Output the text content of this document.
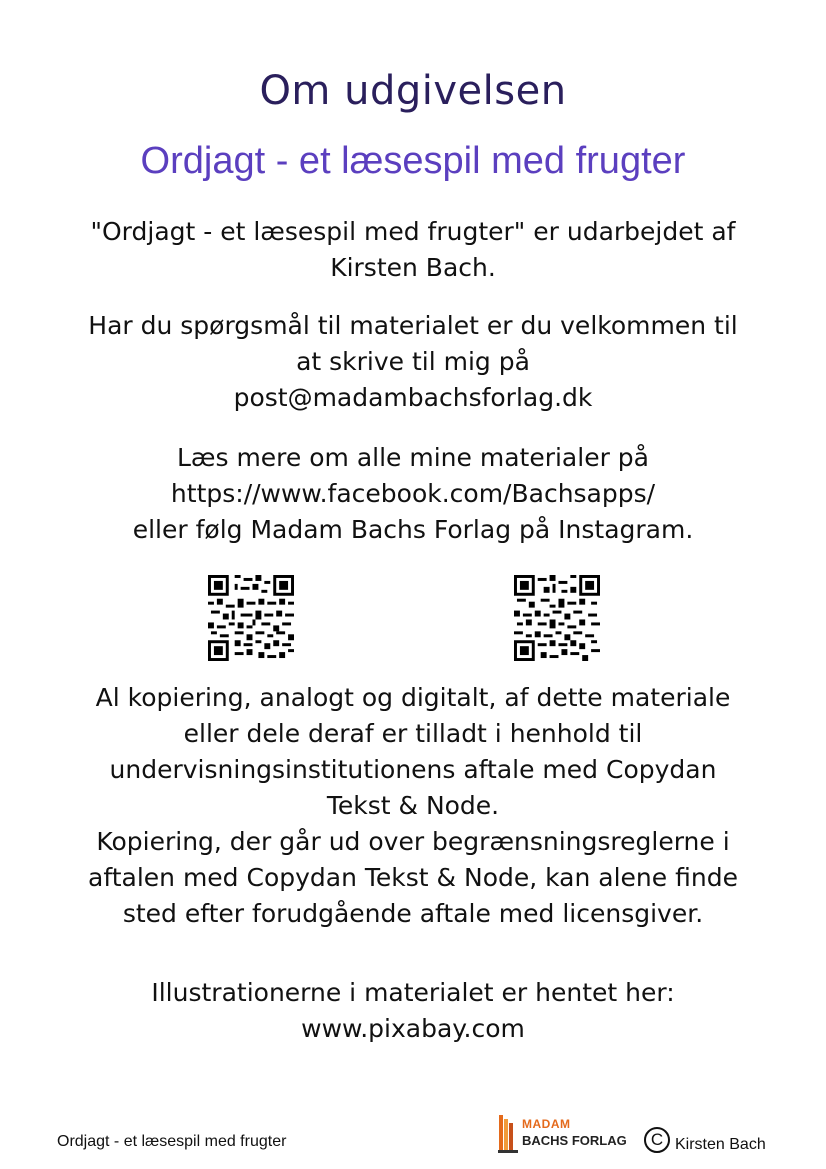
Om udgivelsen
Ordjagt - et læsespil med frugter
"Ordjagt - et læsespil med frugter" er udarbejdet af
Kirsten Bach.
Har du spørgsmål til materialet er du velkommen til
at skrive til mig på
post@madambachsforlag.dk
Læs mere om alle mine materialer på
https://www.facebook.com/Bachsapps/
eller følg Madam Bachs Forlag på Instagram.
Al kopiering, analogt og digitalt, af dette materiale
eller dele deraf er tilladt i henhold til
undervisningsinstitutionens aftale med Copydan
Tekst & Node.
Kopiering, der går ud over begrænsningsreglerne i
aftalen med Copydan Tekst & Node, kan alene finde
sted efter forudgående aftale med licensgiver.
Illustrationerne i materialet er hentet her:
www.pixabay.com
Ordjagt - et læsespil med frugter
MADAM
BACHS FORLAG	C Kirsten Bach
